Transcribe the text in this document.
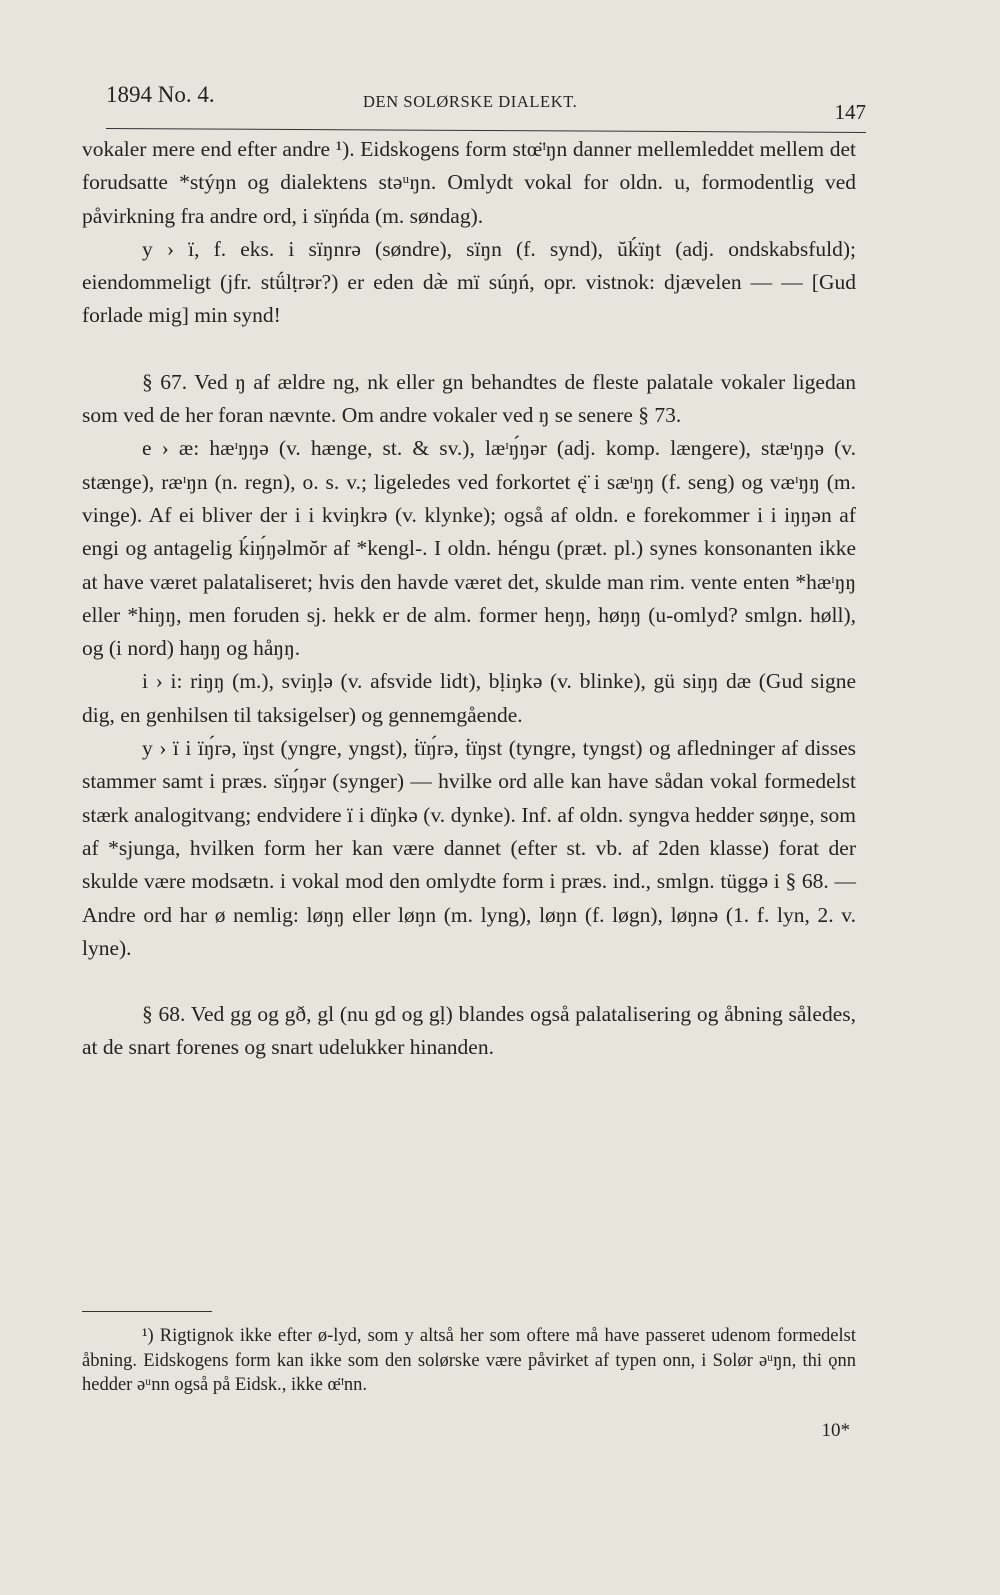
1894 No. 4.	DEN SOLØRSKE DIALEKT.	147

vokaler mere end efter andre ¹). Eidskogens form stœ̈ᶦŋn danner mellemleddet mellem det forudsatte *stýŋn og dialektens stəᵘŋn. Omlydt vokal for oldn. u, formodentlig ved påvirkning fra andre ord, i sïŋńda (m. søndag).

y › ï, f. eks. i sïŋnrə (søndre), sïŋn (f. synd), ŭḱïŋt (adj. ondskabsfuld); eiendommeligt (jfr. stǘlṭrər?) er eden dæ̀ mï súŋń, opr. vistnok: djævelen — — [Gud forlade mig] min synd!

§ 67. Ved ŋ af ældre ng, nk eller gn behandtes de fleste palatale vokaler ligedan som ved de her foran nævnte. Om andre vokaler ved ŋ se senere § 73.

e › æ: hæᶦŋŋə (v. hænge, st. & sv.), læᶦŋ́ŋər (adj. komp. længere), stæᶦŋŋə (v. stænge), ræᶦŋn (n. regn), o. s. v.; ligeledes ved forkortet ę̈ i sæᶦŋŋ (f. seng) og væᶦŋŋ (m. vinge). Af ei bliver der i i kviŋkrə (v. klynke); også af oldn. e forekommer i i iŋŋən af engi og antagelig ḱiŋ́ŋəlmŏr af *kengl-. I oldn. héngu (præt. pl.) synes konsonanten ikke at have været palataliseret; hvis den havde været det, skulde man rim. vente enten *hæᶦŋŋ eller *hiŋŋ, men foruden sj. hekk er de alm. former heŋŋ, høŋŋ (u-omlyd? smlgn. høll), og (i nord) haŋŋ og håŋŋ.

i › i: riŋŋ (m.), sviŋḷə (v. afsvide lidt), bḷiŋkə (v. blinke), gü siŋŋ dæ (Gud signe dig, en genhilsen til taksigelser) og gennemgående.

y › ï i ïŋ́rə, ïŋst (yngre, yngst), ṫïŋ́rə, ṫïŋst (tyngre, tyngst) og afledninger af disses stammer samt i præs. sïŋ́ŋər (synger) — hvilke ord alle kan have sådan vokal formedelst stærk analogitvang; endvidere ï i dïŋkə (v. dynke). Inf. af oldn. syngva hedder søŋŋe, som af *sjunga, hvilken form her kan være dannet (efter st. vb. af 2den klasse) forat der skulde være modsætn. i vokal mod den omlydte form i præs. ind., smlgn. tüggə i § 68. — Andre ord har ø nemlig: løŋŋ eller løŋn (m. lyng), løŋn (f. løgn), løŋnə (1. f. lyn, 2. v. lyne).

§ 68. Ved gg og gð, gl (nu gd og gḷ) blandes også palatalisering og åbning således, at de snart forenes og snart udelukker hinanden.

¹) Rigtignok ikke efter ø-lyd, som y altså her som oftere må have passeret udenom formedelst åbning. Eidskogens form kan ikke som den solørske være påvirket af typen onn, i Solør əᵘŋn, thi ǫnn hedder əᵘnn også på Eidsk., ikke œ̈ᶦnn.

10*
